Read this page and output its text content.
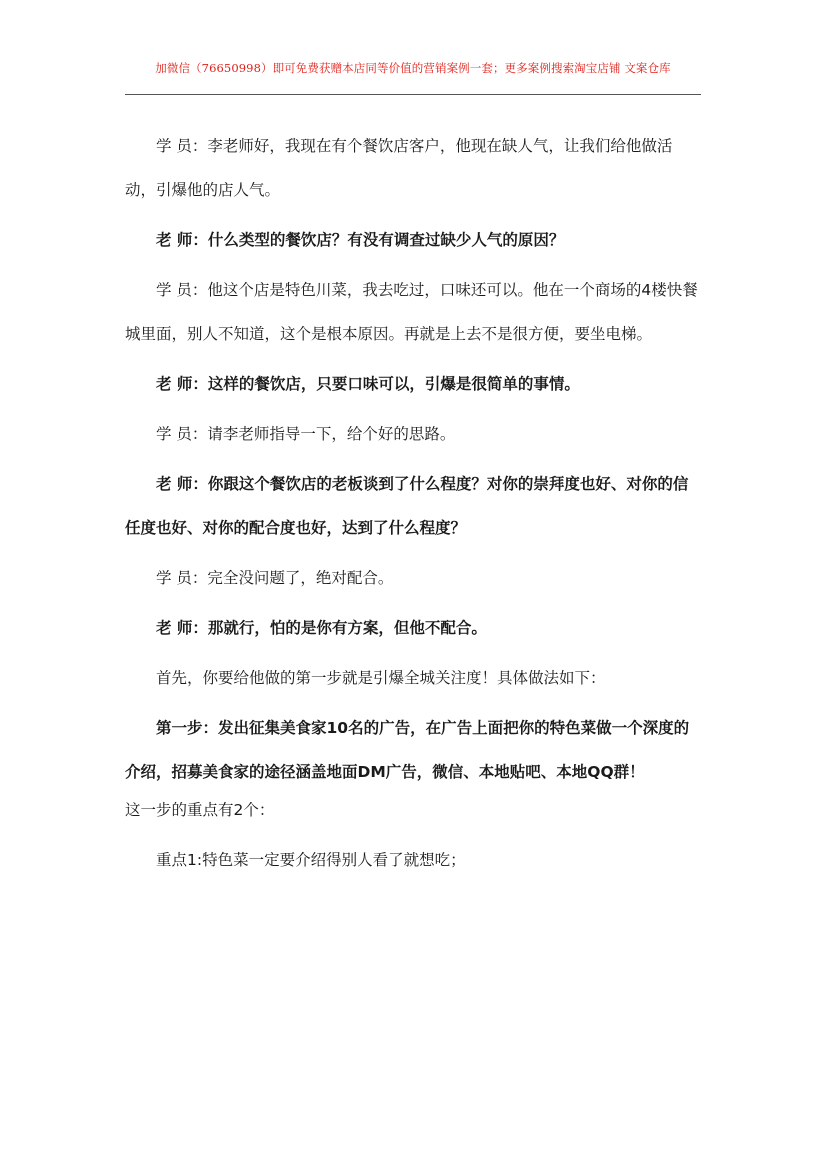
加微信（76650998）即可免费获赠本店同等价值的营销案例一套；更多案例搜索淘宝店铺 文案仓库

学 员：李老师好，我现在有个餐饮店客户，他现在缺人气，让我们给他做活动，引爆他的店人气。

老 师：什么类型的餐饮店？有没有调查过缺少人气的原因？

学 员：他这个店是特色川菜，我去吃过，口味还可以。他在一个商场的4楼快餐城里面，别人不知道，这个是根本原因。再就是上去不是很方便，要坐电梯。

老 师：这样的餐饮店，只要口味可以，引爆是很简单的事情。

学 员：请李老师指导一下，给个好的思路。

老 师：你跟这个餐饮店的老板谈到了什么程度？对你的崇拜度也好、对你的信任度也好、对你的配合度也好，达到了什么程度？

学 员：完全没问题了，绝对配合。

老 师：那就行，怕的是你有方案，但他不配合。

首先，你要给他做的第一步就是引爆全城关注度！具体做法如下：

第一步：发出征集美食家10名的广告，在广告上面把你的特色菜做一个深度的介绍，招募美食家的途径涵盖地面DM广告，微信、本地贴吧、本地QQ群！

这一步的重点有2个：

重点1:特色菜一定要介绍得别人看了就想吃；
